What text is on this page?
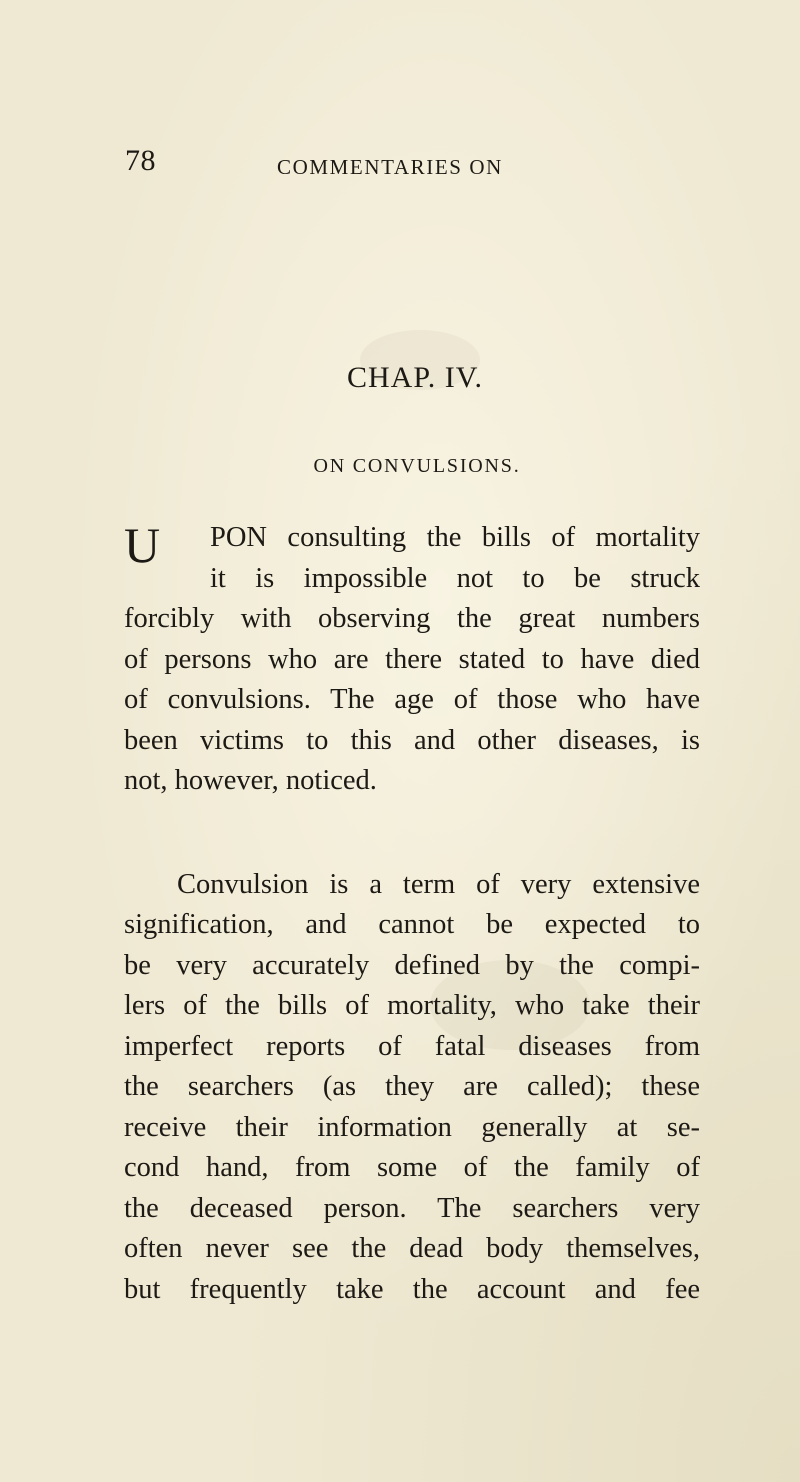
78	COMMENTARIES ON
CHAP. IV.
ON CONVULSIONS.
U PON consulting the bills of mortality
it is impossible not to be struck
forcibly with observing the great numbers
of persons who are there stated to have died
of convulsions. The age of those who have
been victims to this and other diseases, is
not, however, noticed.
Convulsion is a term of very extensive
signification, and cannot be expected to
be very accurately defined by the compi-
lers of the bills of mortality, who take their
imperfect reports of fatal diseases from
the searchers (as they are called); these
receive their information generally at se-
cond hand, from some of the family of
the deceased person. The searchers very
often never see the dead body themselves,
but frequently take the account and fee
